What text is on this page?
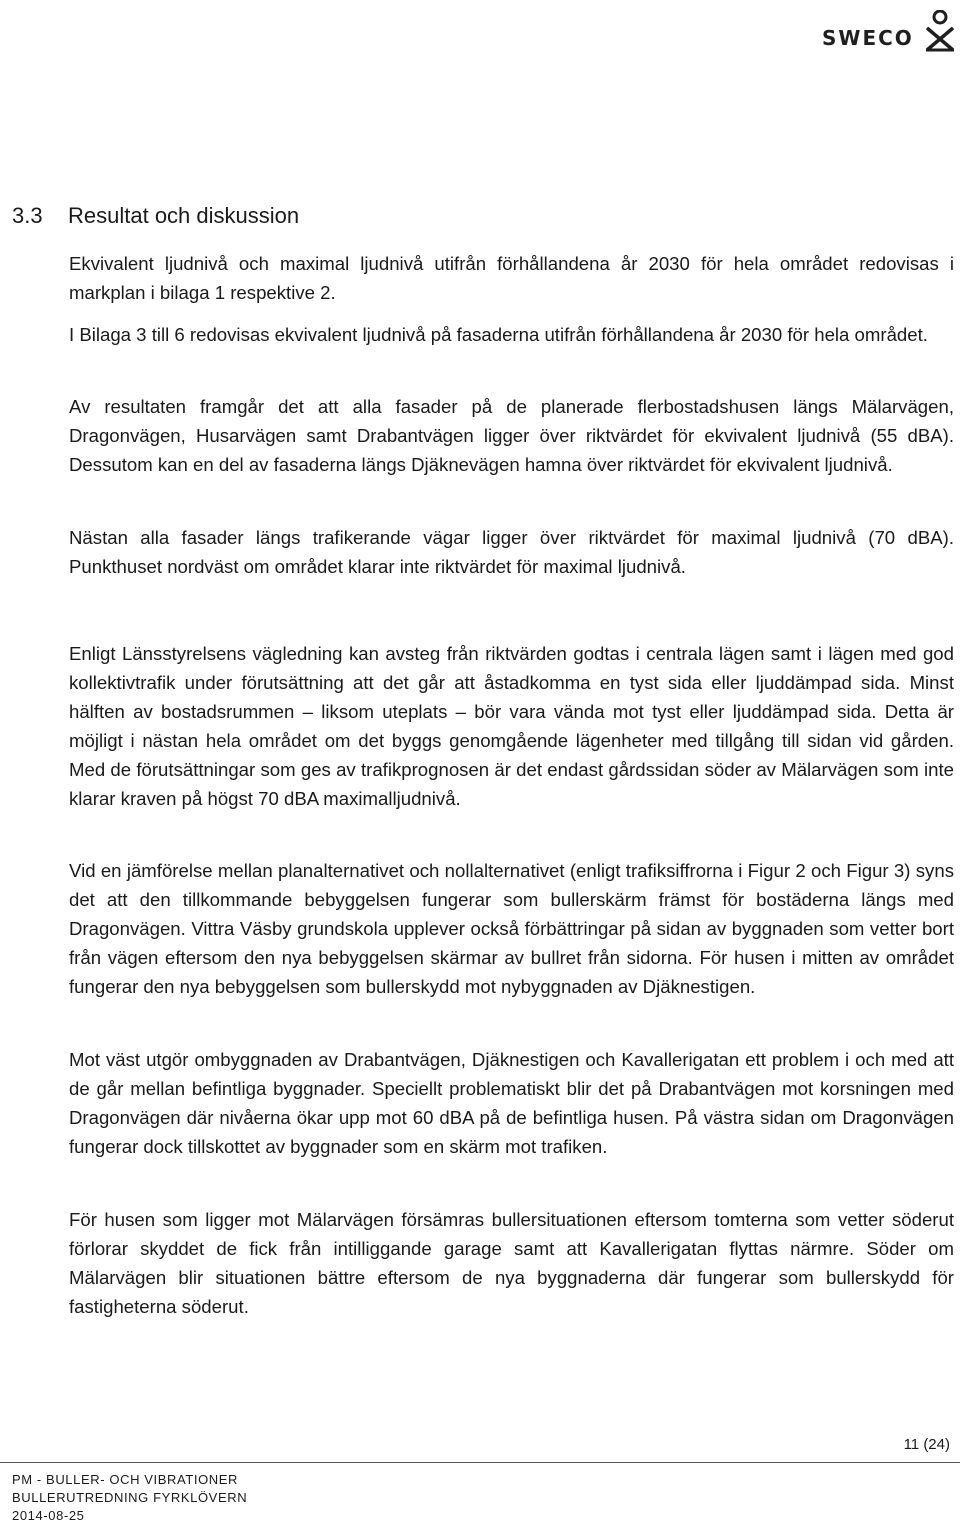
SWECO
3.3 Resultat och diskussion

Ekvivalent ljudnivå och maximal ljudnivå utifrån förhållandena år 2030 för hela området redovisas i markplan i bilaga 1 respektive 2.

I Bilaga 3 till 6 redovisas ekvivalent ljudnivå på fasaderna utifrån förhållandena år 2030 för hela området.

Av resultaten framgår det att alla fasader på de planerade flerbostadshusen längs Mälarvägen, Dragonvägen, Husarvägen samt Drabantvägen ligger över riktvärdet för ekvivalent ljudnivå (55 dBA). Dessutom kan en del av fasaderna längs Djäknevägen hamna över riktvärdet för ekvivalent ljudnivå.

Nästan alla fasader längs trafikerande vägar ligger över riktvärdet för maximal ljudnivå (70 dBA). Punkthuset nordväst om området klarar inte riktvärdet för maximal ljudnivå.

Enligt Länsstyrelsens vägledning kan avsteg från riktvärden godtas i centrala lägen samt i lägen med god kollektivtrafik under förutsättning att det går att åstadkomma en tyst sida eller ljuddämpad sida. Minst hälften av bostadsrummen – liksom uteplats – bör vara vända mot tyst eller ljuddämpad sida. Detta är möjligt i nästan hela området om det byggs genomgående lägenheter med tillgång till sidan vid gården. Med de förutsättningar som ges av trafikprognosen är det endast gårdssidan söder av Mälarvägen som inte klarar kraven på högst 70 dBA maximalljudnivå.

Vid en jämförelse mellan planalternativet och nollalternativet (enligt trafiksiffrorna i Figur 2 och Figur 3) syns det att den tillkommande bebyggelsen fungerar som bullerskärm främst för bostäderna längs med Dragonvägen. Vittra Väsby grundskola upplever också förbättringar på sidan av byggnaden som vetter bort från vägen eftersom den nya bebyggelsen skärmar av bullret från sidorna. För husen i mitten av området fungerar den nya bebyggelsen som bullerskydd mot nybyggnaden av Djäknestigen.

Mot väst utgör ombyggnaden av Drabantvägen, Djäknestigen och Kavallerigatan ett problem i och med att de går mellan befintliga byggnader. Speciellt problematiskt blir det på Drabantvägen mot korsningen med Dragonvägen där nivåerna ökar upp mot 60 dBA på de befintliga husen. På västra sidan om Dragonvägen fungerar dock tillskottet av byggnader som en skärm mot trafiken.

För husen som ligger mot Mälarvägen försämras bullersituationen eftersom tomterna som vetter söderut förlorar skyddet de fick från intilliggande garage samt att Kavallerigatan flyttas närmre. Söder om Mälarvägen blir situationen bättre eftersom de nya byggnaderna där fungerar som bullerskydd för fastigheterna söderut.

11 (24)
PM - BULLER- OCH VIBRATIONER
BULLERUTREDNING FYRKLÖVERN
2014-08-25
